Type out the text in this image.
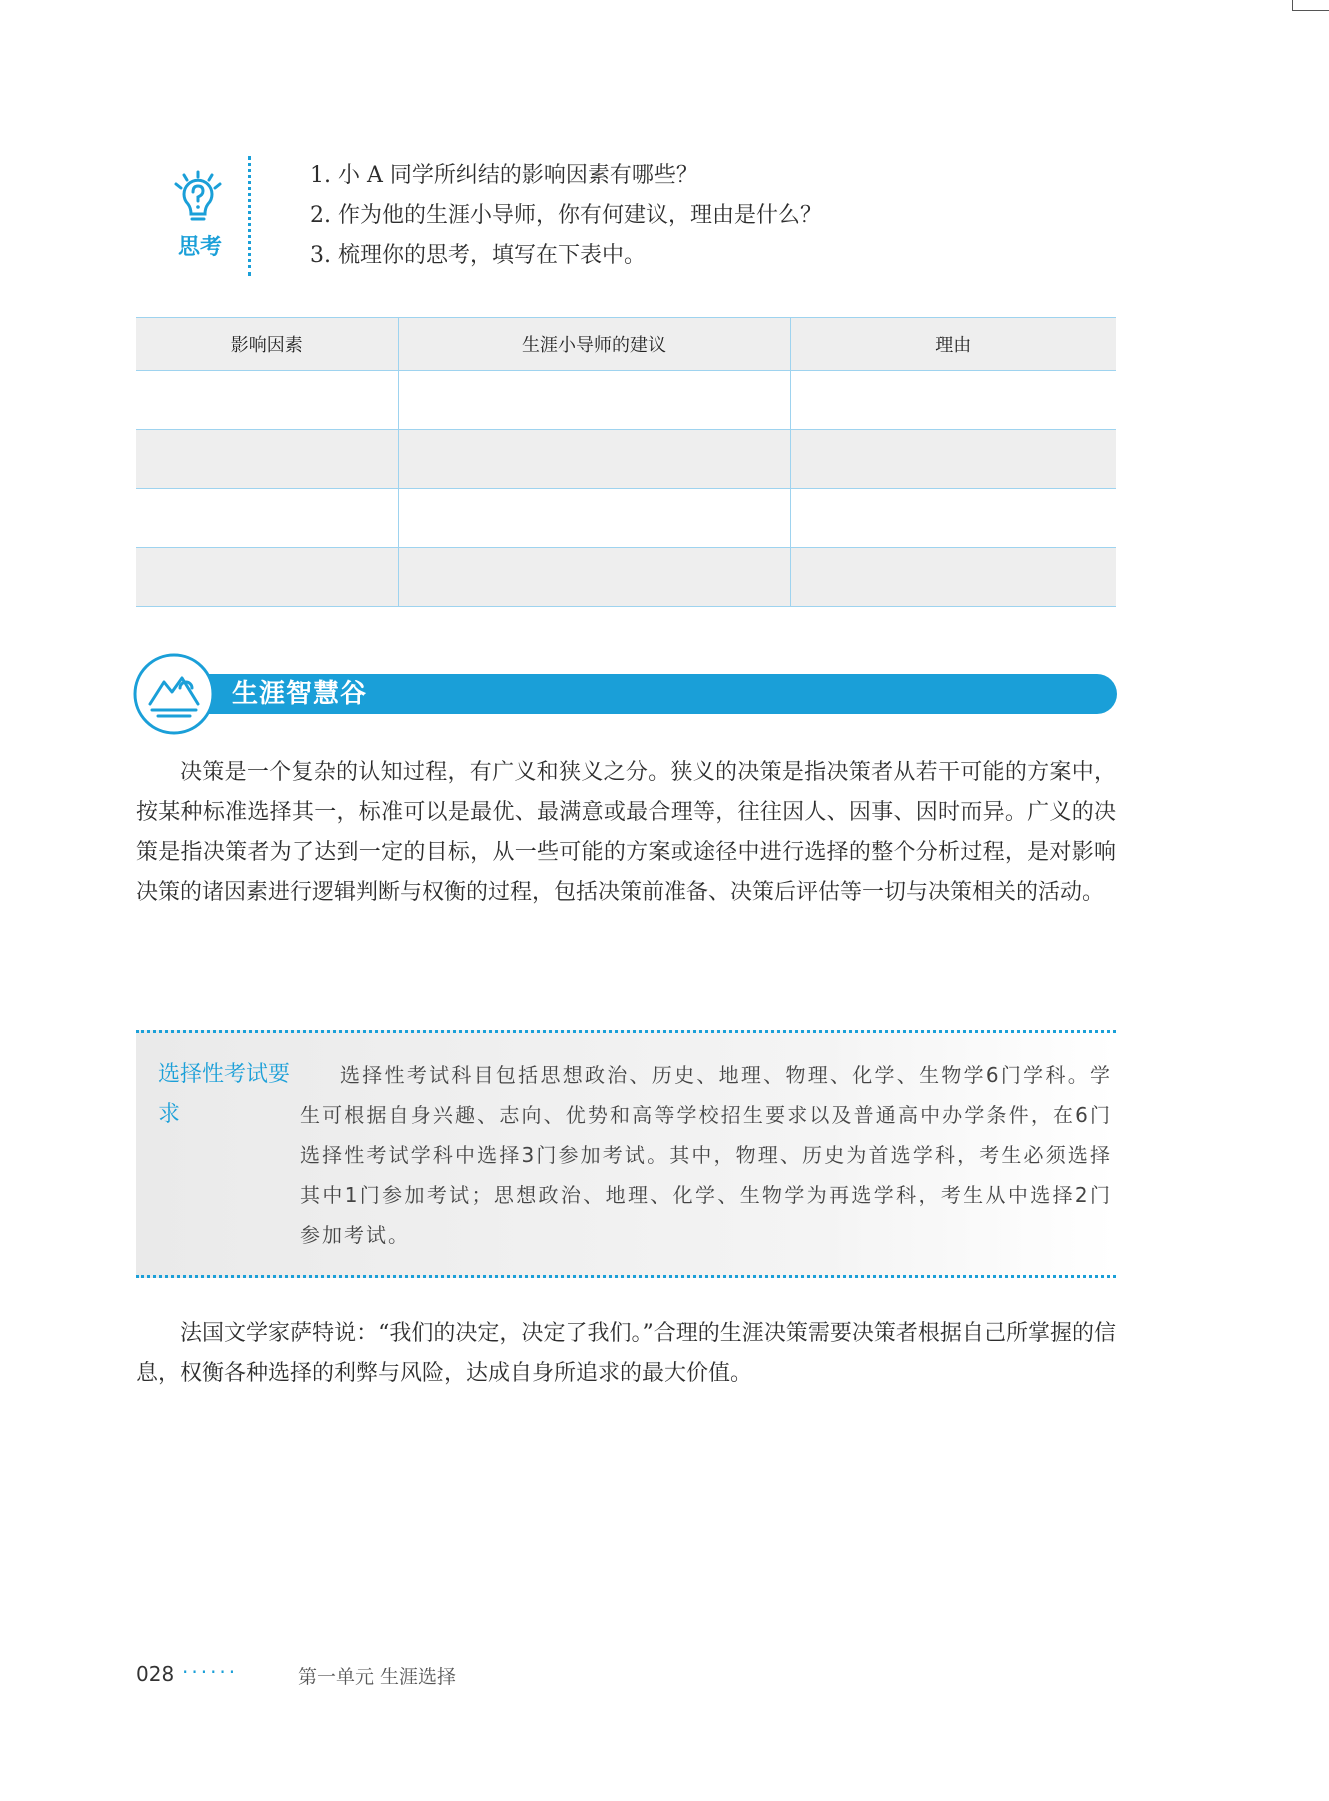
思考
1. 小 A 同学所纠结的影响因素有哪些？
2. 作为他的生涯小导师，你有何建议，理由是什么？
3. 梳理你的思考，填写在下表中。
影响因素	生涯小导师的建议	理由

生涯智慧谷

决策是一个复杂的认知过程，有广义和狭义之分。狭义的决策是指决策者从若干可能的方案中，按某种标准选择其一，标准可以是最优、最满意或最合理等，往往因人、因事、因时而异。广义的决策是指决策者为了达到一定的目标，从一些可能的方案或途径中进行选择的整个分析过程，是对影响决策的诸因素进行逻辑判断与权衡的过程，包括决策前准备、决策后评估等一切与决策相关的活动。

选择性考试要求

选择性考试科目包括思想政治、历史、地理、物理、化学、生物学6门学科。学生可根据自身兴趣、志向、优势和高等学校招生要求以及普通高中办学条件，在6门选择性考试学科中选择3门参加考试。其中，物理、历史为首选学科，考生必须选择其中1门参加考试；思想政治、地理、化学、生物学为再选学科，考生从中选择2门参加考试。

法国文学家萨特说：“我们的决定，决定了我们。”合理的生涯决策需要决策者根据自己所掌握的信息，权衡各种选择的利弊与风险，达成自身所追求的最大价值。

028 ······	第一单元 生涯选择
